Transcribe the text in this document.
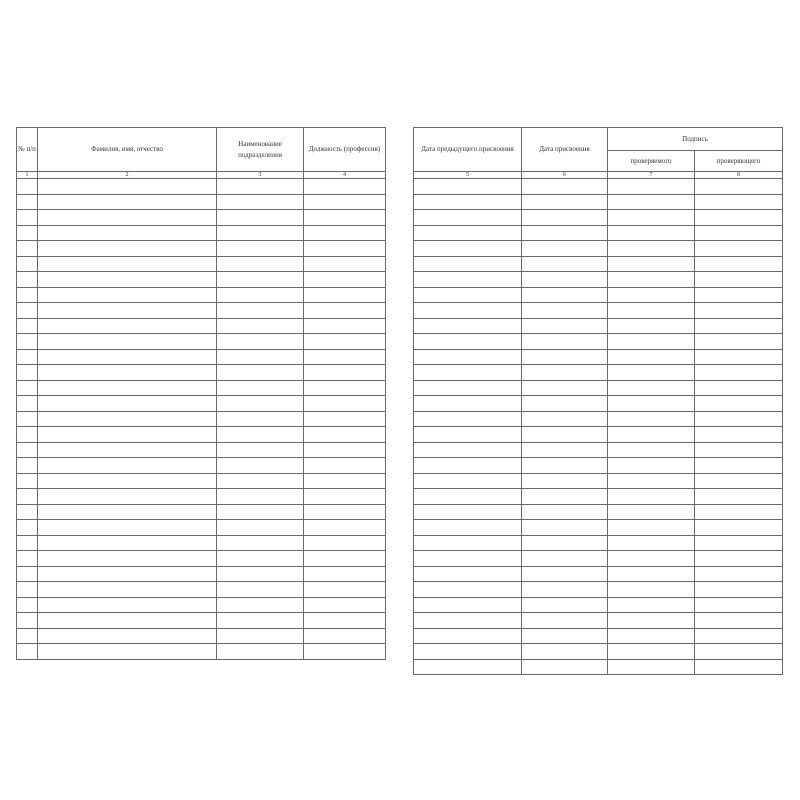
№ п/п	Фамилия, имя, отчество	Наименование подразделения	Должность (профессия)
1	2	3	4

Дата предыдущего присвоения	Дата присвоения	Подпись	
		проверяемого	проверяющего
5	6	7	8
